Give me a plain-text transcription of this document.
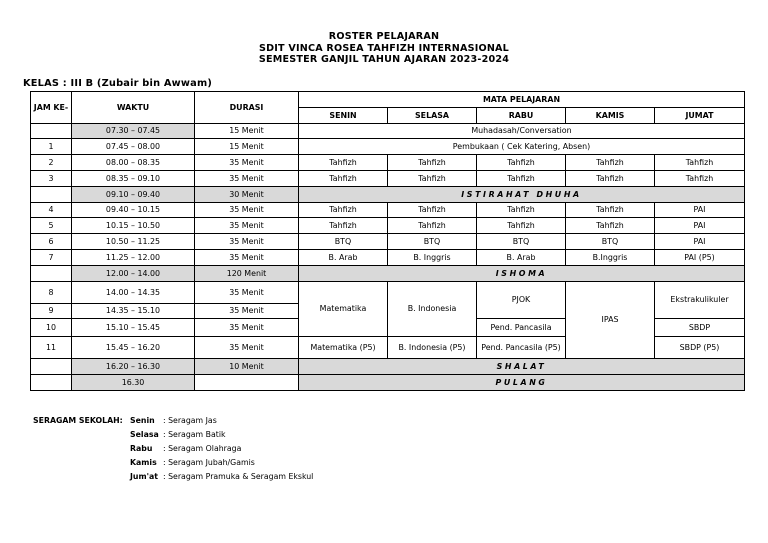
ROSTER PELAJARAN
SDIT VINCA ROSEA TAHFIZH INTERNASIONAL
SEMESTER GANJIL TAHUN AJARAN 2023-2024
KELAS : III B (Zubair bin Awwam)
JAM KE-	WAKTU	DURASI	MATA PELAJARAN				
			SENIN	SELASA	RABU	KAMIS	JUMAT
	07.30 – 07.45	15 Menit	Muhadasah/Conversation				
1	07.45 – 08.00	15 Menit	Pembukaan ( Cek Katering, Absen)				
2	08.00 – 08.35	35 Menit	Tahfizh	Tahfizh	Tahfizh	Tahfizh	Tahfizh
3	08.35 – 09.10	35 Menit	Tahfizh	Tahfizh	Tahfizh	Tahfizh	Tahfizh
	09.10 – 09.40	30 Menit	ISTIRAHAT DHUHA				
4	09.40 – 10.15	35 Menit	Tahfizh	Tahfizh	Tahfizh	Tahfizh	PAI
5	10.15 – 10.50	35 Menit	Tahfizh	Tahfizh	Tahfizh	Tahfizh	PAI
6	10.50 – 11.25	35 Menit	BTQ	BTQ	BTQ	BTQ	PAI
7	11.25 – 12.00	35 Menit	B. Arab	B. Inggris	B. Arab	B.Inggris	PAI (P5)
	12.00 – 14.00	120 Menit	ISHOMA				
8	14.00 – 14.35	35 Menit	Matematika	B. Indonesia	PJOK	IPAS	Ekstrakulikuler
9	14.35 – 15.10	35 Menit					
10	15.10 – 15.45	35 Menit			Pend. Pancasila		SBDP
11	15.45 – 16.20	35 Menit	Matematika (P5)	B. Indonesia (P5)	Pend. Pancasila (P5)		SBDP (P5)
	16.20 – 16.30	10 Menit	SHALAT				
	16.30		PULANG				
SERAGAM SEKOLAH: Senin : Seragam Jas
Selasa : Seragam Batik
Rabu : Seragam Olahraga
Kamis : Seragam Jubah/Gamis
Jum'at : Seragam Pramuka & Seragam Ekskul
